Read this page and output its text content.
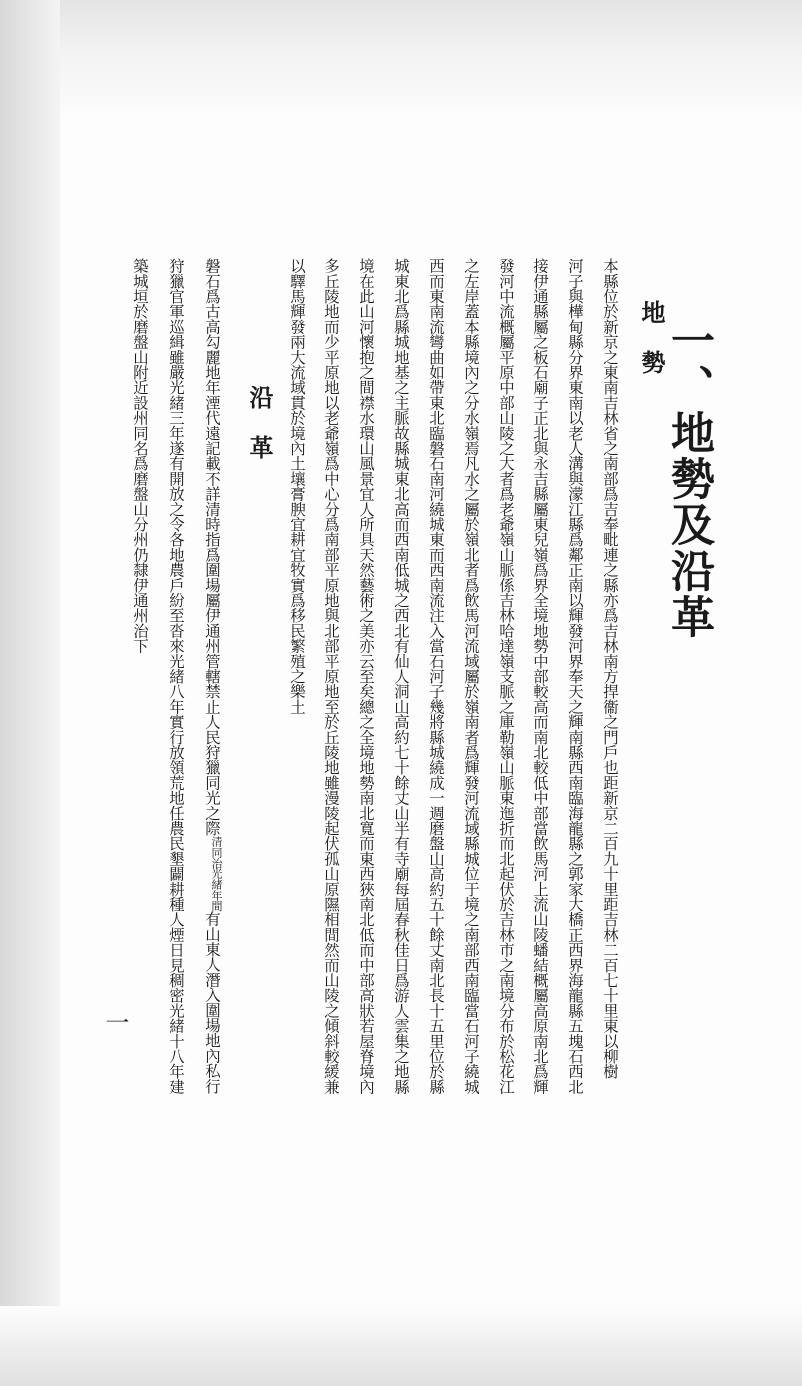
一、地勢及沿革
地勢
本縣位於新京之東南吉林省之南部爲吉奉毗連之縣亦爲吉林南方捍衞之門戶也距新京二百九十里距吉林二百七十里東以柳樹
河子與樺甸縣分界東南以老人溝與濛江縣爲鄰正南以輝發河界奉天之輝南縣西南臨海龍縣之郭家大橋正西界海龍縣五塊石西北
接伊通縣屬之板石廟子正北與永吉縣屬東兒嶺爲界全境地勢中部較高而南北較低中部當飲馬河上流山陵蟠結概屬高原南北爲輝
發河中流概屬平原中部山陵之大者爲老爺嶺山脈係吉林哈達嶺支脈之庫勒嶺山脈東迤折而北起伏於吉林市之南境分布於松花江
之左岸蓋本縣境內之分水嶺焉凡水之屬於嶺北者爲飲馬河流域屬於嶺南者爲輝發河流域縣城位于境之南部西南臨當石河子繞城
西而東南流彎曲如帶東北臨磐石南河繞城東而西南流注入當石河子幾將縣城繞成一週磨盤山高約五十餘丈南北長十五里位於縣
城東北爲縣城地基之主脈故縣城東北高而西南低城之西北有仙人洞山高約七十餘丈山半有寺廟每屆春秋佳日爲游人雲集之地縣
境在此山河懷抱之間襟水環山風景宜人所具天然藝術之美亦云至矣總之全境地勢南北寬而東西狹南北低而中部高狀若屋脊境內
多丘陵地而少平原地以老爺嶺爲中心分爲南部平原地與北部平原地至於丘陵地雖漫陵起伏孤山原隰相間然而山陵之傾斜較緩兼
以驛馬輝發兩大流域貫於境內土壤膏腴宜耕宜牧實爲移民繁殖之樂土
沿革
磐石爲古高勾麗地年湮代遠記載不詳清時指爲圍場屬伊通州管轄禁止人民狩獵同光之際
清同治
光緒年間
有山東人潛入圍場地內私行
狩獵官軍巡緝雖嚴光緒三年遂有開放之令各地農戶紛至沓來光緒八年實行放領荒地任農民墾闢耕種人煙日見稠密光緒十八年建
築城垣於磨盤山附近設州同名爲磨盤山分州仍隸伊通州治下
一
